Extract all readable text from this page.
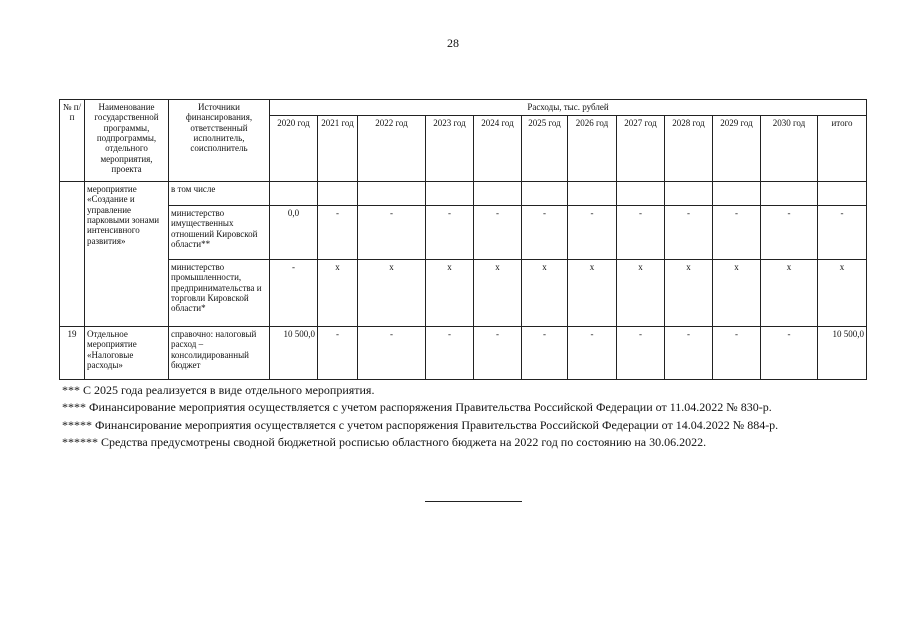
28
№ п/п	Наименование государственной программы, подпрограммы, отдельного мероприятия, проекта	Источники финансирования, ответственный исполнитель, соисполнитель	Расходы, тыс. рублей											
			2020 год	2021 год	2022 год	2023 год	2024 год	2025 год	2026 год	2027 год	2028 год	2029 год	2030 год	итого
	мероприятие «Создание и управление парковыми зонами интенсивного развития»	в том числе												
		министерство имущественных отношений Кировской области**	0,0	-	-	-	-	-	-	-	-	-	-	-
		министерство промышленности, предпринимательства и торговли Кировской области*	-	x	x	x	x	x	x	x	x	x	x	x
19	Отдельное мероприятие «Налоговые расходы»	справочно: налоговый расход – консолидированный бюджет	10 500,0	-	-	-	-	-	-	-	-	-	-	10 500,0
*** С 2025 года реализуется в виде отдельного мероприятия.
**** Финансирование мероприятия осуществляется с учетом распоряжения Правительства Российской Федерации от 11.04.2022 № 830-р.
***** Финансирование мероприятия осуществляется с учетом распоряжения Правительства Российской Федерации от 14.04.2022 № 884-р.
****** Средства предусмотрены сводной бюджетной росписью областного бюджета на 2022 год по состоянию на 30.06.2022.
